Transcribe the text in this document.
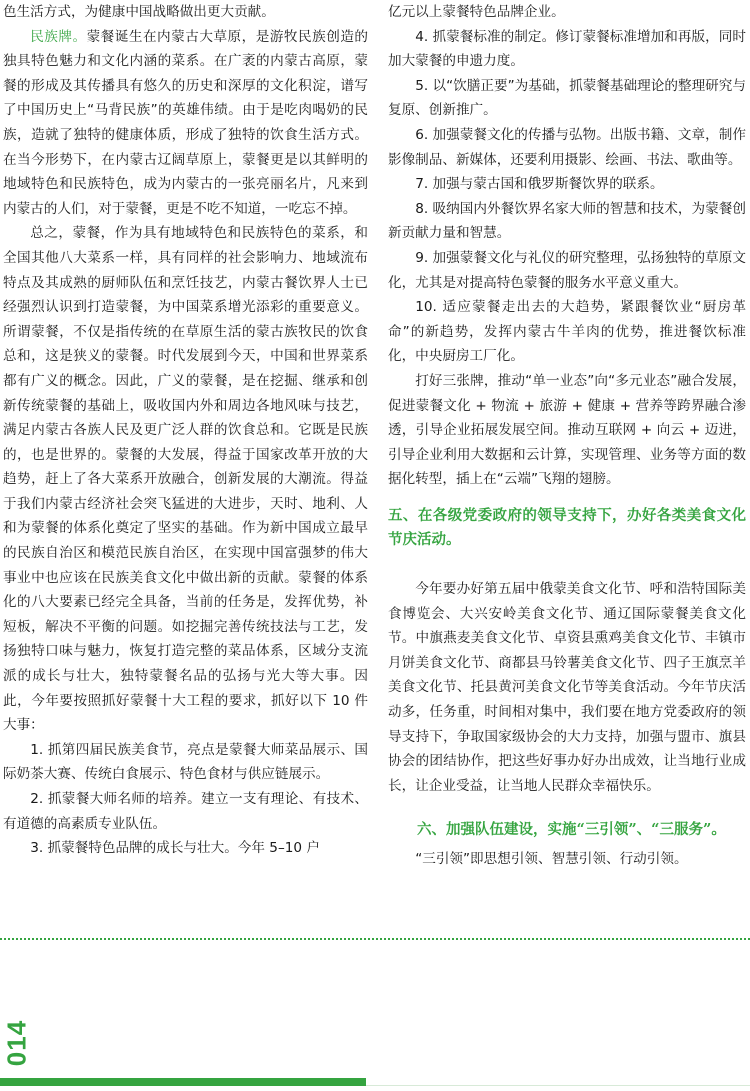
色生活方式，为健康中国战略做出更大贡献。

民族牌。蒙餐诞生在内蒙古大草原，是游牧民族创造的独具特色魅力和文化内涵的菜系。在广袤的内蒙古高原，蒙餐的形成及其传播具有悠久的历史和深厚的文化积淀，谱写了中国历史上“马背民族”的英雄伟绩。由于是吃肉喝奶的民族，造就了独特的健康体质，形成了独特的饮食生活方式。在当今形势下，在内蒙古辽阔草原上，蒙餐更是以其鲜明的地域特色和民族特色，成为内蒙古的一张亮丽名片，凡来到内蒙古的人们，对于蒙餐，更是不吃不知道，一吃忘不掉。

总之，蒙餐，作为具有地域特色和民族特色的菜系，和全国其他八大菜系一样，具有同样的社会影响力、地域流布特点及其成熟的厨师队伍和烹饪技艺，内蒙古餐饮界人士已经强烈认识到打造蒙餐，为中国菜系增光添彩的重要意义。所谓蒙餐，不仅是指传统的在草原生活的蒙古族牧民的饮食总和，这是狭义的蒙餐。时代发展到今天，中国和世界菜系都有广义的概念。因此，广义的蒙餐，是在挖掘、继承和创新传统蒙餐的基础上，吸收国内外和周边各地风味与技艺，满足内蒙古各族人民及更广泛人群的饮食总和。它既是民族的，也是世界的。蒙餐的大发展，得益于国家改革开放的大趋势，赶上了各大菜系开放融合，创新发展的大潮流。得益于我们内蒙古经济社会突飞猛进的大进步，天时、地利、人和为蒙餐的体系化奠定了坚实的基础。作为新中国成立最早的民族自治区和模范民族自治区，在实现中国富强梦的伟大事业中也应该在民族美食文化中做出新的贡献。蒙餐的体系化的八大要素已经完全具备，当前的任务是，发挥优势，补短板，解决不平衡的问题。如挖掘完善传统技法与工艺，发扬独特口味与魅力，恢复打造完整的菜品体系，区域分支流派的成长与壮大，独特蒙餐名品的弘扬与光大等大事。因此，今年要按照抓好蒙餐十大工程的要求，抓好以下 10 件大事：

1. 抓第四届民族美食节，亮点是蒙餐大师菜品展示、国际奶茶大赛、传统白食展示、特色食材与供应链展示。

2. 抓蒙餐大师名师的培养。建立一支有理论、有技术、有道德的高素质专业队伍。

3. 抓蒙餐特色品牌的成长与壮大。今年 5–10 户

亿元以上蒙餐特色品牌企业。

4. 抓蒙餐标准的制定。修订蒙餐标准增加和再版，同时加大蒙餐的申遗力度。

5. 以“饮膳正要”为基础，抓蒙餐基础理论的整理研究与复原、创新推广。

6. 加强蒙餐文化的传播与弘物。出版书籍、文章，制作影像制品、新媒体，还要利用摄影、绘画、书法、歌曲等。

7. 加强与蒙古国和俄罗斯餐饮界的联系。

8. 吸纳国内外餐饮界名家大师的智慧和技术，为蒙餐创新贡献力量和智慧。

9. 加强蒙餐文化与礼仪的研究整理，弘扬独特的草原文化，尤其是对提高特色蒙餐的服务水平意义重大。

10. 适应蒙餐走出去的大趋势，紧跟餐饮业“厨房革命”的新趋势，发挥内蒙古牛羊肉的优势，推进餐饮标准化，中央厨房工厂化。

打好三张牌，推动“单一业态”向“多元业态”融合发展，促进蒙餐文化 + 物流 + 旅游 + 健康 + 营养等跨界融合渗透，引导企业拓展发展空间。推动互联网 + 向云 + 迈进，引导企业利用大数据和云计算，实现管理、业务等方面的数据化转型，插上在“云端”飞翔的翅膀。

五、在各级党委政府的领导支持下，办好各类美食文化节庆活动。

今年要办好第五届中俄蒙美食文化节、呼和浩特国际美食博览会、大兴安岭美食文化节、通辽国际蒙餐美食文化节。中旗燕麦美食文化节、卓资县熏鸡美食文化节、丰镇市月饼美食文化节、商都县马铃薯美食文化节、四子王旗烹羊美食文化节、托县黄河美食文化节等美食活动。今年节庆活动多，任务重，时间相对集中，我们要在地方党委政府的领导支持下，争取国家级协会的大力支持，加强与盟市、旗县协会的团结协作，把这些好事办好办出成效，让当地行业成长，让企业受益，让当地人民群众幸福快乐。

六、加强队伍建设，实施“三引领”、“三服务”。

“三引领”即思想引领、智慧引领、行动引领。

014
